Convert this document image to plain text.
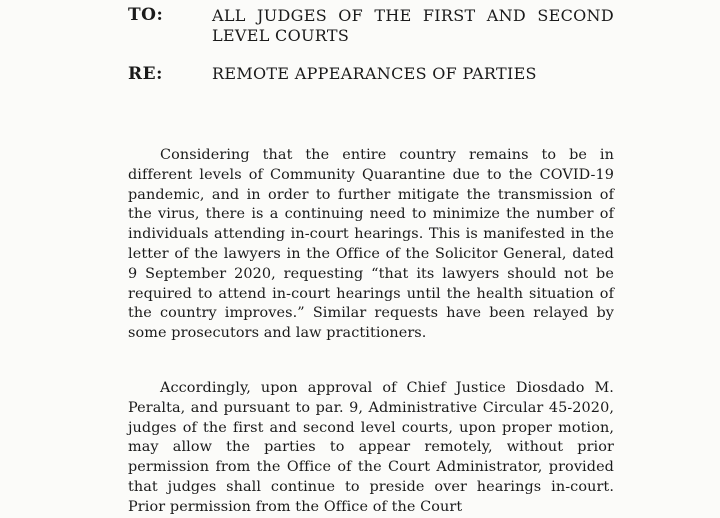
TO:	ALL JUDGES OF THE FIRST AND SECOND
LEVEL COURTS
RE:	REMOTE APPEARANCES OF PARTIES

Considering that the entire country remains to be in different levels of Community Quarantine due to the COVID-19 pandemic, and in order to further mitigate the transmission of the virus, there is a continuing need to minimize the number of individuals attending in-court hearings. This is manifested in the letter of the lawyers in the Office of the Solicitor General, dated 9 September 2020, requesting “that its lawyers should not be required to attend in-court hearings until the health situation of the country improves.” Similar requests have been relayed by some prosecutors and law practitioners.

Accordingly, upon approval of Chief Justice Diosdado M. Peralta, and pursuant to par. 9, Administrative Circular 45-2020, judges of the first and second level courts, upon proper motion, may allow the parties to appear remotely, without prior permission from the Office of the Court Administrator, provided that judges shall continue to preside over hearings in-court. Prior permission from the Office of the Court
